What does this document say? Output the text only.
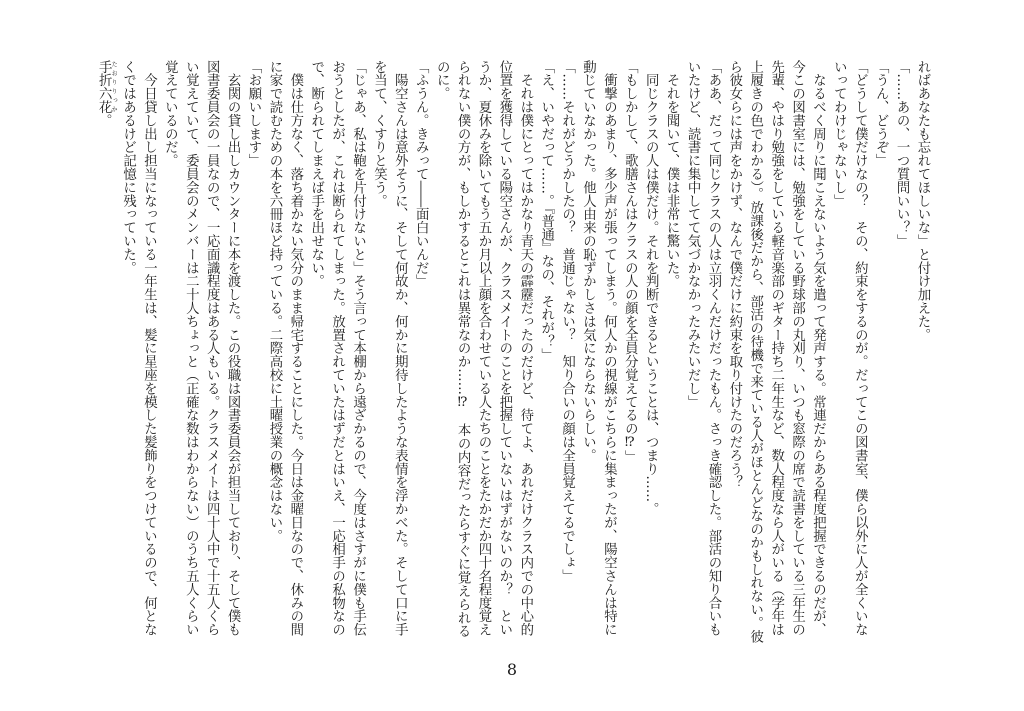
ればあなたも忘れてほしいな」と付け加えた。
「……あの、一つ質問いい？」
「うん、どうぞ」
「どうして僕だけなの？　その、約束をするのが。だってこの図書室、僕ら以外に人が全くいな
いってわけじゃないし」
　なるべく周りに聞こえないよう気を遣って発声する。常連だからある程度把握できるのだが、
今この図書室には、勉強をしている野球部の丸刈り、いつも窓際の席で読書をしている三年生の
先輩、やはり勉強をしている軽音楽部のギター持ち二年生など、数人程度なら人がいる（学年は
上履きの色でわかる）。放課後だから、部活の待機で来ている人がほとんどなのかもしれない。彼
ら彼女らには声をかけず、なんで僕だけに約束を取り付けたのだろう？
「ああ、だって同じクラスの人は立羽くんだけだったもん。さっき確認した。部活の知り合いも
いたけど、読書に集中してて気づかなかったみたいだし」
　それを聞いて、僕は非常に驚いた。
　同じクラスの人は僕だけ。それを判断できるということは、つまり……。
「もしかして、歌膳さんはクラスの人の顔を全員分覚えてるの⁉」
　衝撃のあまり、多少声が張ってしまう。何人かの視線がこちらに集まったが、陽空さんは特に
動じていなかった。他人由来の恥ずかしさは気にならないらしい。
「……それがどうかしたの？　普通じゃない？　知り合いの顔は全員覚えてるでしょ」
「え、いやだって……。『普通』なの、それが？」
　それは僕にとってはかなり青天の霹靂だったのだけど、待てよ、あれだけクラス内での中心的
位置を獲得している陽空さんが、クラスメイトのことを把握していないはずがないのか？　とい
うか、夏休みを除いてもう五か月以上顔を合わせている人たちのことをたかだか四十名程度覚え
られない僕の方が、もしかするとこれは異常なのか……⁉　本の内容だったらすぐに覚えられる
のに。
「ふうん。きみって――面白いんだ」
　陽空さんは意外そうに、そして何故か、何かに期待したような表情を浮かべた。そして口に手
を当て、くすりと笑う。
「じゃあ、私は鞄を片付けないと」そう言って本棚から遠ざかるので、今度はさすがに僕も手伝
おうとしたが、これは断られてしまった。放置されていたはずだとはいえ、一応相手の私物なの
で、断られてしまえば手を出せない。
　僕は仕方なく、落ち着かない気分のまま帰宅することにした。今日は金曜日なので、休みの間
に家で読むための本を六冊ほど持っている。二際高校に土曜授業の概念はない。
「お願いします」
　玄関の貸し出しカウンターに本を渡した。この役職は図書委員会が担当しており、そして僕も
図書委員会の一員なので、一応面識程度はある人もいる。クラスメイトは四十人中で十五人くら
い覚えていて、委員会のメンバーは二十人ちょっと（正確な数はわからない）のうち五人くらい
覚えているのだ。
　今日貸し出し担当になっている一年生は、髪に星座を模した髪飾りをつけているので、何とな
くではあるけど記憶に残っていた。
手折六花 たおりりっか。
8
